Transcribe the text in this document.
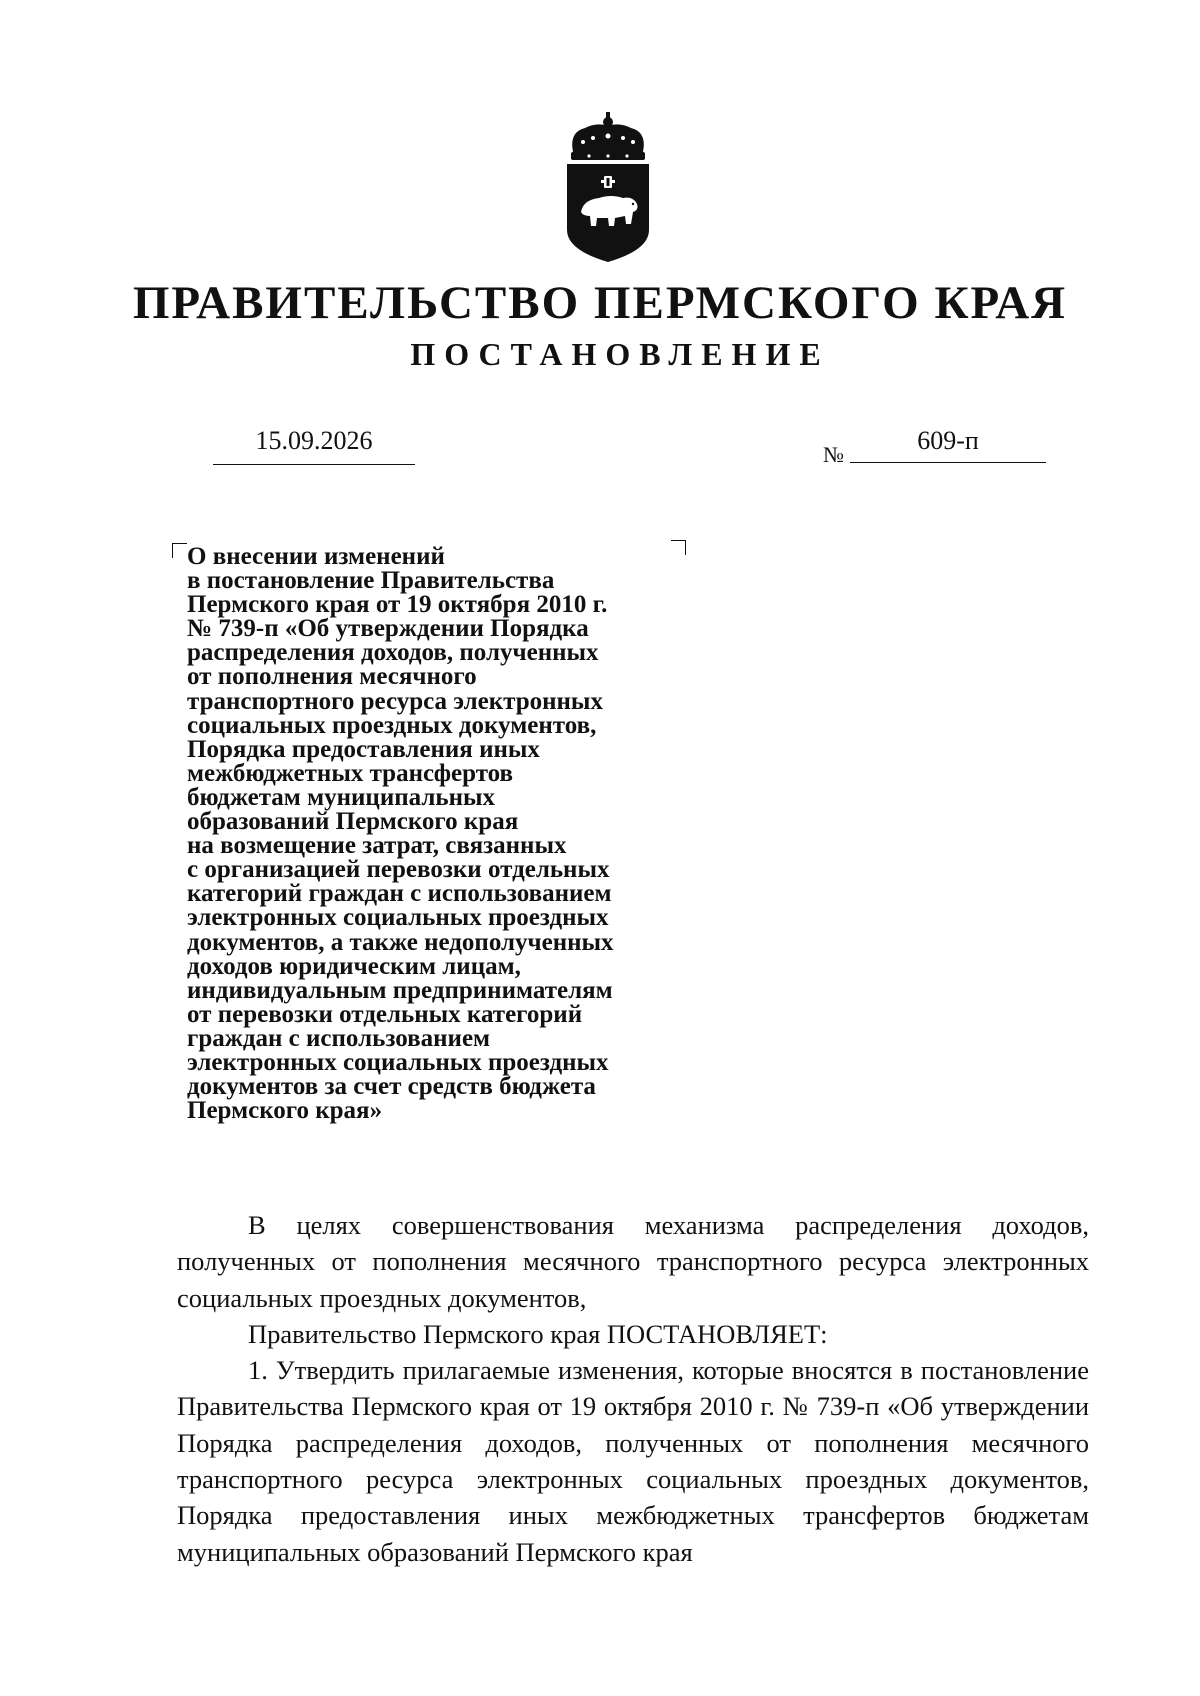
ПРАВИТЕЛЬСТВО ПЕРМСКОГО КРАЯ
ПОСТАНОВЛЕНИЕ
15.09.2026	№	609-п
О внесении изменений
в постановление Правительства
Пермского края от 19 октября 2010 г.
№ 739-п «Об утверждении Порядка
распределения доходов, полученных
от пополнения месячного
транспортного ресурса электронных
социальных проездных документов,
Порядка предоставления иных
межбюджетных трансфертов
бюджетам муниципальных
образований Пермского края
на возмещение затрат, связанных
с организацией перевозки отдельных
категорий граждан с использованием
электронных социальных проездных
документов, а также недополученных
доходов юридическим лицам,
индивидуальным предпринимателям
от перевозки отдельных категорий
граждан с использованием
электронных социальных проездных
документов за счет средств бюджета
Пермского края»

В целях совершенствования механизма распределения доходов, полученных от пополнения месячного транспортного ресурса электронных социальных проездных документов,

Правительство Пермского края ПОСТАНОВЛЯЕТ:

1. Утвердить прилагаемые изменения, которые вносятся в постановление Правительства Пермского края от 19 октября 2010 г. № 739-п «Об утверждении Порядка распределения доходов, полученных от пополнения месячного транспортного ресурса электронных социальных проездных документов, Порядка предоставления иных межбюджетных трансфертов бюджетам муниципальных образований Пермского края
